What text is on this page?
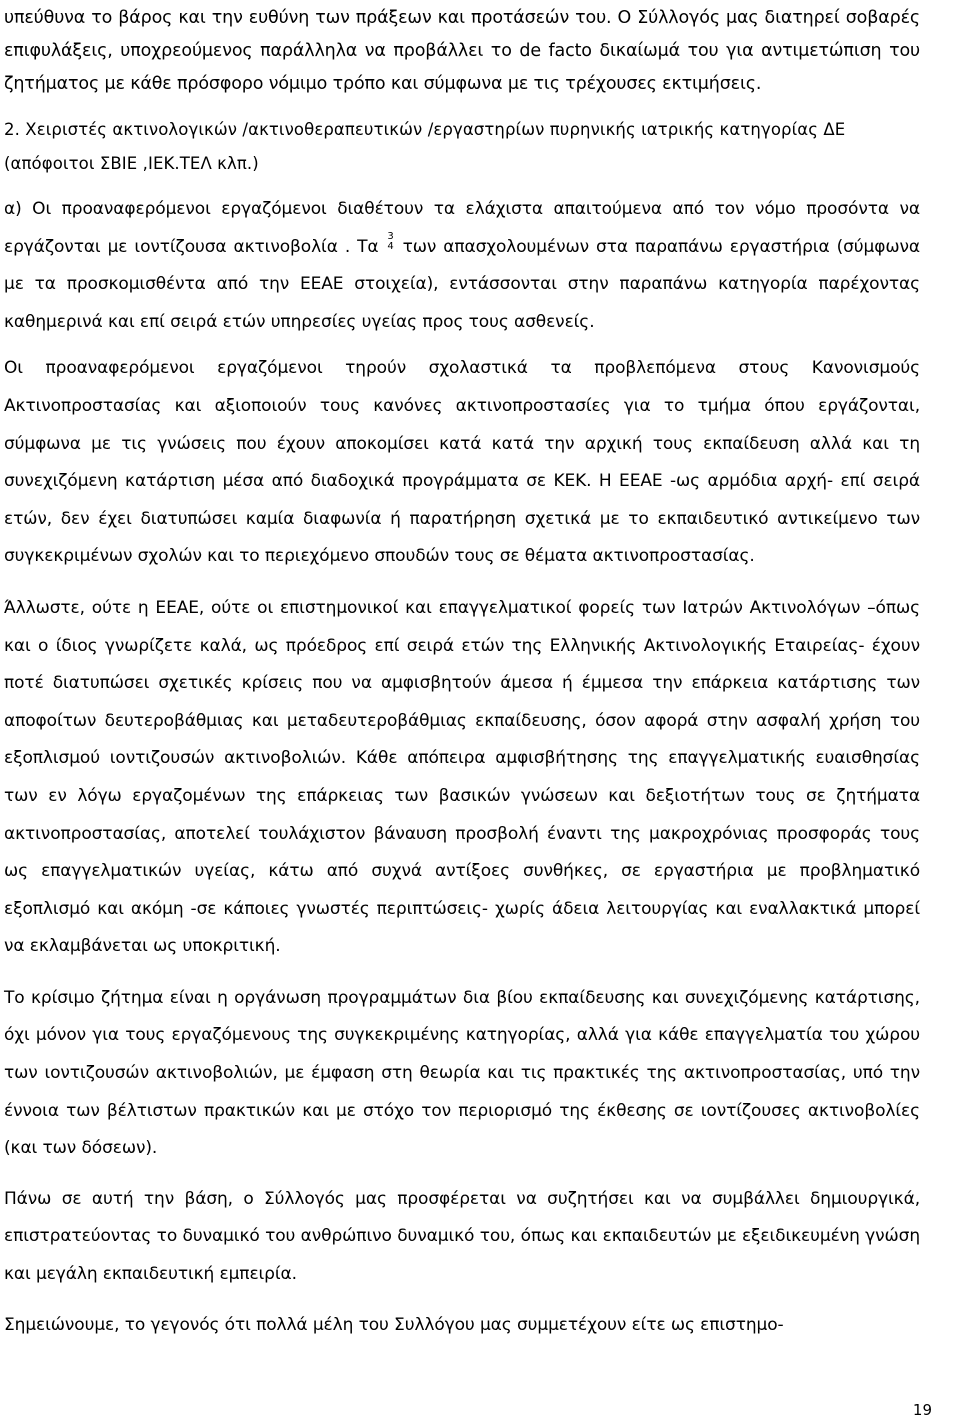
υπεύθυνα το βάρος και την ευθύνη των πράξεων και προτάσεών του. Ο Σύλλογός μας διατηρεί σοβαρές επιφυλάξεις, υποχρεούμενος παράλληλα να προβάλλει το de facto δικαίωμά του για αντιμετώπιση του ζητήματος με κάθε πρόσφορο νόμιμο τρόπο και σύμφωνα με τις τρέχουσες εκτιμήσεις.

2. Χειριστές ακτινολογικών /ακτινοθεραπευτικών /εργαστηρίων πυρηνικής ιατρικής κατηγορίας ΔΕ (απόφοιτοι ΣΒΙΕ ,ΙΕΚ.ΤΕΛ κλπ.)

α) Οι προαναφερόμενοι εργαζόμενοι διαθέτουν τα ελάχιστα απαιτούμενα από τον νόμο προσόντα να εργάζονται με ιοντίζουσα ακτινοβολία . Τα
3
4 των απασχολουμένων στα παραπάνω εργαστήρια (σύμφωνα με τα προσκομισθέντα από την ΕΕΑΕ στοιχεία), εντάσσονται στην παραπάνω κατηγορία παρέχοντας καθημερινά και επί σειρά ετών υπηρεσίες υγείας προς τους ασθενείς.

Οι προαναφερόμενοι εργαζόμενοι τηρούν σχολαστικά τα προβλεπόμενα στους Κανονισμούς Ακτινοπροστασίας και αξιοποιούν τους κανόνες ακτινοπροστασίες για το τμήμα όπου εργάζονται, σύμφωνα με τις γνώσεις που έχουν αποκομίσει κατά κατά την αρχική τους εκπαίδευση αλλά και τη συνεχιζόμενη κατάρτιση μέσα από διαδοχικά προγράμματα σε ΚΕΚ. Η ΕΕΑΕ -ως αρμόδια αρχή- επί σειρά ετών, δεν έχει διατυπώσει καμία διαφωνία ή παρατήρηση σχετικά με το εκπαιδευτικό αντικείμενο των συγκεκριμένων σχολών και το περιεχόμενο σπουδών τους σε θέματα ακτινοπροστασίας.

Άλλωστε, ούτε η ΕΕΑΕ, ούτε οι επιστημονικοί και επαγγελματικοί φορείς των Ιατρών Ακτινολόγων –όπως και ο ίδιος γνωρίζετε καλά, ως πρόεδρος επί σειρά ετών της Ελληνικής Ακτινολογικής Εταιρείας- έχουν ποτέ διατυπώσει σχετικές κρίσεις που να αμφισβητούν άμεσα ή έμμεσα την επάρκεια κατάρτισης των αποφοίτων δευτεροβάθμιας και μεταδευτεροβάθμιας εκπαίδευσης, όσον αφορά στην ασφαλή χρήση του εξοπλισμού ιοντιζουσών ακτινοβολιών. Κάθε απόπειρα αμφισβήτησης της επαγγελματικής ευαισθησίας των εν λόγω εργαζομένων της επάρκειας των βασικών γνώσεων και δεξιοτήτων τους σε ζητήματα ακτινοπροστασίας, αποτελεί τουλάχιστον βάναυση προσβολή έναντι της μακροχρόνιας προσφοράς τους ως επαγγελματικών υγείας, κάτω από συχνά αντίξοες συνθήκες, σε εργαστήρια με προβληματικό εξοπλισμό και ακόμη -σε κάποιες γνωστές περιπτώσεις- χωρίς άδεια λειτουργίας και εναλλακτικά μπορεί να εκλαμβάνεται ως υποκριτική.

Το κρίσιμο ζήτημα είναι η οργάνωση προγραμμάτων δια βίου εκπαίδευσης και συνεχιζόμενης κατάρτισης, όχι μόνον για τους εργαζόμενους της συγκεκριμένης κατηγορίας, αλλά για κάθε επαγγελματία του χώρου των ιοντιζουσών ακτινοβολιών, με έμφαση στη θεωρία και τις πρακτικές της ακτινοπροστασίας, υπό την έννοια των βέλτιστων πρακτικών και με στόχο τον περιορισμό της έκθεσης σε ιοντίζουσες ακτινοβολίες (και των δόσεων).

Πάνω σε αυτή την βάση, ο Σύλλογός μας προσφέρεται να συζητήσει και να συμβάλλει δημιουργικά, επιστρατεύοντας το δυναμικό του ανθρώπινο δυναμικό του, όπως και εκπαιδευτών με εξειδικευμένη γνώση και μεγάλη εκπαιδευτική εμπειρία.

Σημειώνουμε, το γεγονός ότι πολλά μέλη του Συλλόγου μας συμμετέχουν είτε ως επιστημο-

19
